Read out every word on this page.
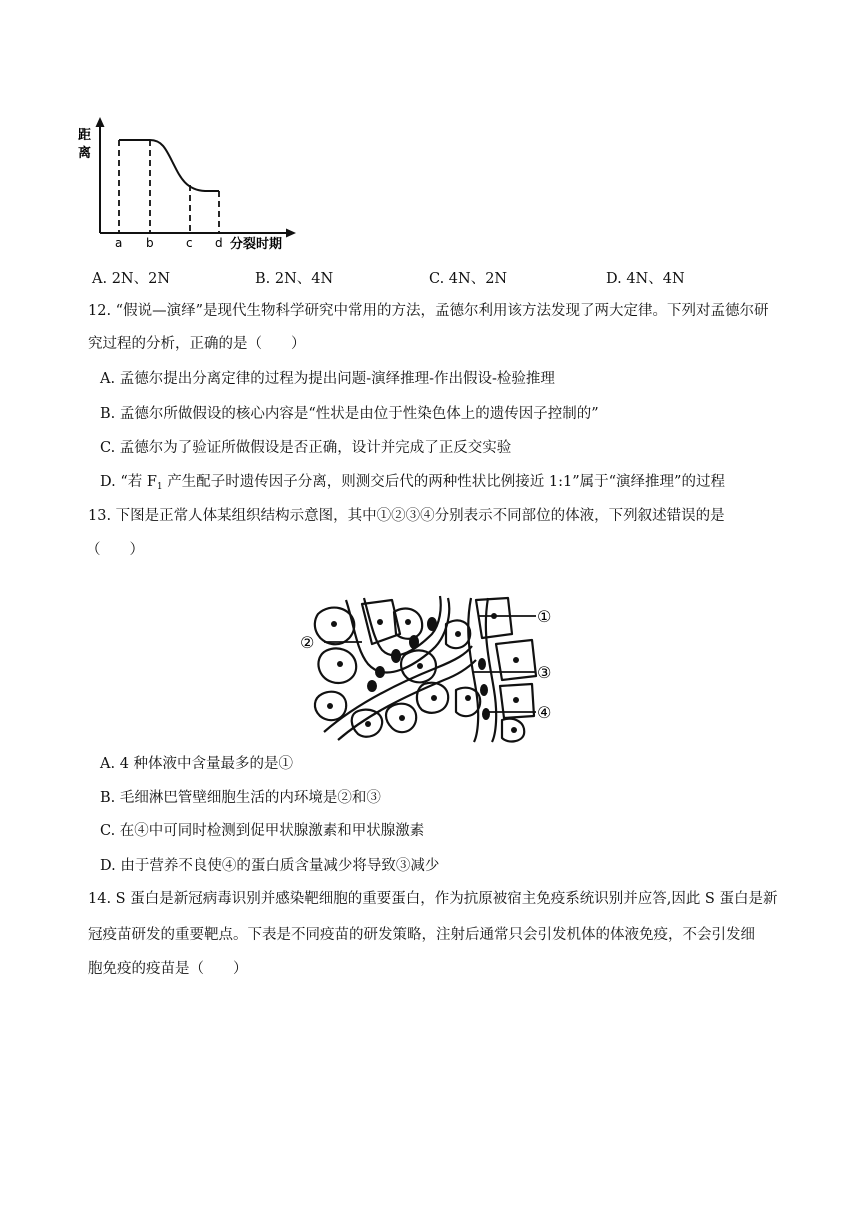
距
离
a b	c d 分裂时期
A. 2N、2N	B. 2N、4N	C. 4N、2N	D. 4N、4N
12. “假说—演绎”是现代生物科学研究中常用的方法，孟德尔利用该方法发现了两大定律。下列对孟德尔研
究过程的分析，正确的是（　　）
A. 孟德尔提出分离定律的过程为提出问题-演绎推理-作出假设-检验推理
B. 孟德尔所做假设的核心内容是“性状是由位于性染色体上的遗传因子控制的”
C. 孟德尔为了验证所做假设是否正确，设计并完成了正反交实验
D. “若 $F_1$ 产生配子时遗传因子分离，则测交后代的两种性状比例接近 1:1”属于“演绎推理”的过程
13. 下图是正常人体某组织结构示意图，其中①②③④分别表示不同部位的体液，下列叙述错误的是
（　　）
①
②
③
④
A. 4 种体液中含量最多的是①
B. 毛细淋巴管壁细胞生活的内环境是②和③
C. 在④中可同时检测到促甲状腺激素和甲状腺激素
D. 由于营养不良使④的蛋白质含量减少将导致③减少
14. S 蛋白是新冠病毒识别并感染靶细胞的重要蛋白，作为抗原被宿主免疫系统识别并应答,因此 S 蛋白是新
冠疫苗研发的重要靶点。下表是不同疫苗的研发策略，注射后通常只会引发机体的体液免疫，不会引发细
胞免疫的疫苗是（　　）
